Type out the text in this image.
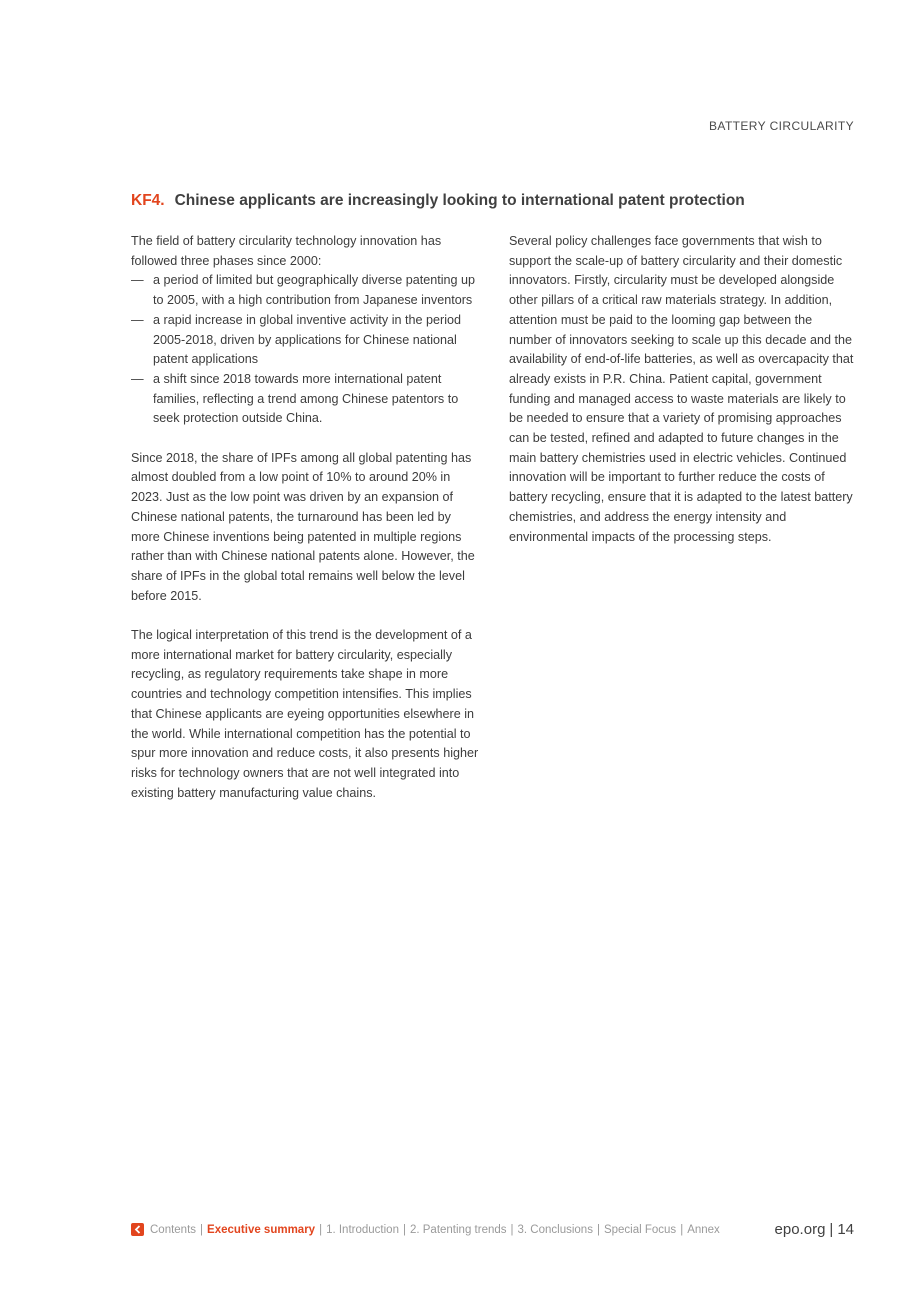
BATTERY CIRCULARITY
KF4. Chinese applicants are increasingly looking to international patent protection

The field of battery circularity technology innovation has followed three phases since 2000:

— a period of limited but geographically diverse patenting up to 2005, with a high contribution from Japanese inventors
— a rapid increase in global inventive activity in the period 2005-2018, driven by applications for Chinese national patent applications
— a shift since 2018 towards more international patent families, reflecting a trend among Chinese patentors to seek protection outside China.

Since 2018, the share of IPFs among all global patenting has almost doubled from a low point of 10% to around 20% in 2023. Just as the low point was driven by an expansion of Chinese national patents, the turnaround has been led by more Chinese inventions being patented in multiple regions rather than with Chinese national patents alone. However, the share of IPFs in the global total remains well below the level before 2015.

The logical interpretation of this trend is the development of a more international market for battery circularity, especially recycling, as regulatory requirements take shape in more countries and technology competition intensifies. This implies that Chinese applicants are eyeing opportunities elsewhere in the world. While international competition has the potential to spur more innovation and reduce costs, it also presents higher risks for technology owners that are not well integrated into existing battery manufacturing value chains.

Several policy challenges face governments that wish to support the scale-up of battery circularity and their domestic innovators. Firstly, circularity must be developed alongside other pillars of a critical raw materials strategy. In addition, attention must be paid to the looming gap between the number of innovators seeking to scale up this decade and the availability of end-of-life batteries, as well as overcapacity that already exists in P.R. China. Patient capital, government funding and managed access to waste materials are likely to be needed to ensure that a variety of promising approaches can be tested, refined and adapted to future changes in the main battery chemistries used in electric vehicles. Continued innovation will be important to further reduce the costs of battery recycling, ensure that it is adapted to the latest battery chemistries, and address the energy intensity and environmental impacts of the processing steps.

Contents | Executive summary | 1. Introduction | 2. Patenting trends | 3. Conclusions | Special Focus | Annex	epo.org | 14
